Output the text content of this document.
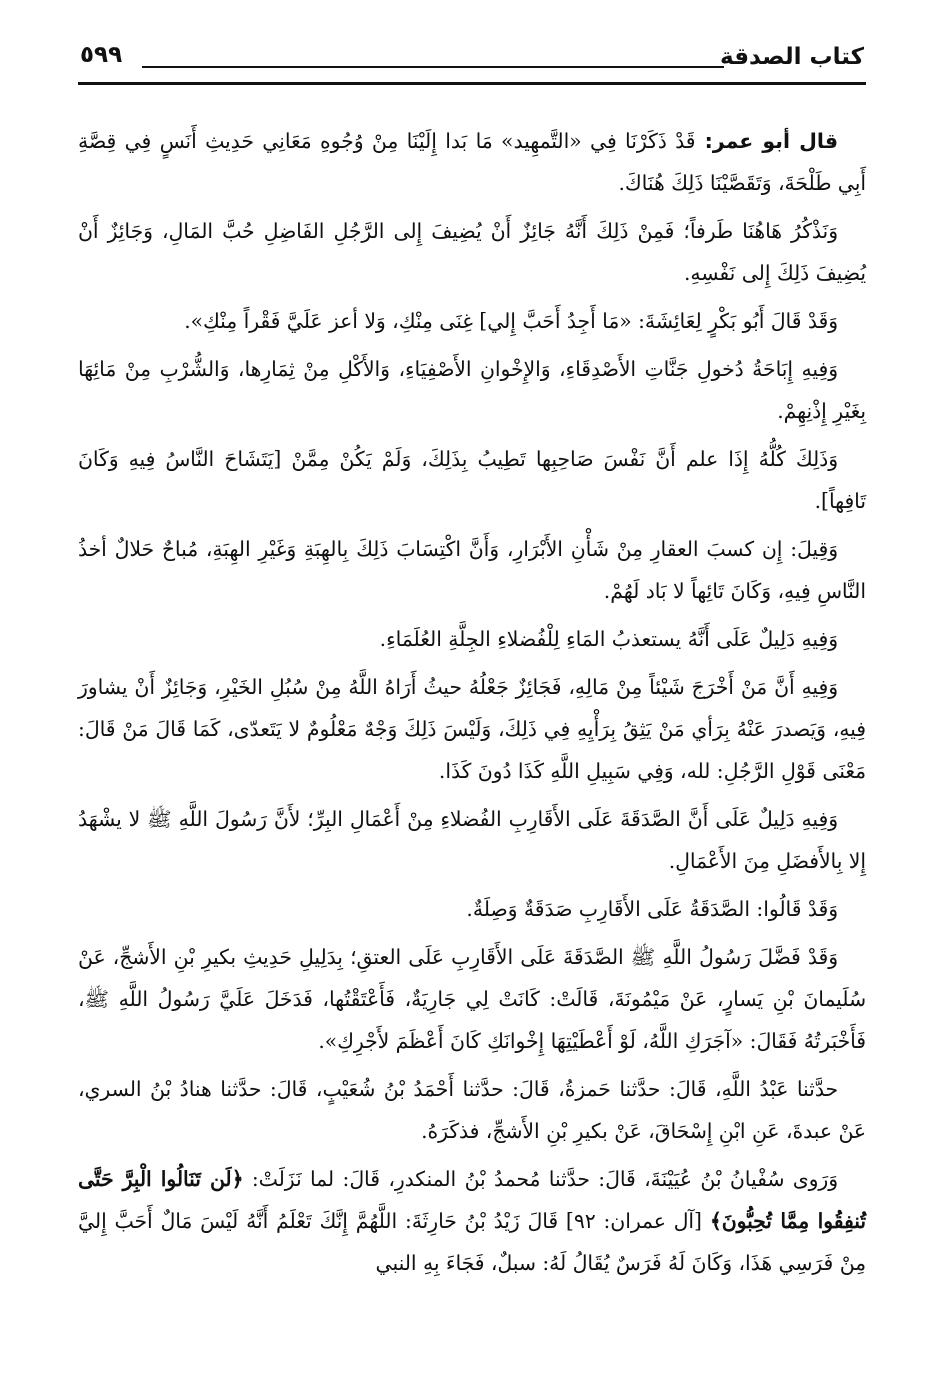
كتاب الصدقة
٥٩٩

قال أبو عمر: قَدْ ذَكَرْنَا فِي «التَّمهِيد» مَا بَدا إِلَيْنَا مِنْ وُجُوهِ مَعَانِي حَدِيثِ أَنَسٍ فِي قِصَّةِ أَبِي طَلْحَةَ، وَتَقَصَّيْنَا ذَلِكَ هُنَاكَ.

وَنَذْكُرُ هَاهُنَا طَرفاً؛ فَمِنْ ذَلِكَ أَنَّهُ جَائِزٌ أَنْ يُضِيفَ إِلى الرَّجُلِ الفَاضِلِ حُبَّ المَالِ، وَجَائِزٌ أَنْ يُضِيفَ ذَلِكَ إِلى نَفْسِهِ.

وَقَدْ قَالَ أَبُو بَكْرٍ لِعَائِشَةَ: «مَا أَجِدُ أَحَبَّ إِلي] غِنَى مِنْكِ، وَلا أعز عَلَيَّ فَقْراً مِنْكِ».

وَفِيهِ إِبَاحَةُ دُخولِ جَنَّاتِ الأَصْدِقَاءِ، وَالإِخْوانِ الأَصْفِيَاءِ، وَالأَكْلِ مِنْ ثِمَارِها، وَالشُّرْبِ مِنْ مَائِهَا بِغَيْرِ إِذْنِهِمْ.

وَذَلِكَ كُلُّهُ إِذَا علم أَنَّ نَفْسَ صَاحِبِها تَطِيبُ بِذَلِكَ، وَلَمْ يَكُنْ مِمَّنْ [يَتَشَاحَ النَّاسُ فِيهِ وَكَانَ تَافِهاً].

وَقِيلَ: إِن كسبَ العقارِ مِنْ شَأْنِ الأَبْرَارِ، وَأَنَّ اكْتِسَابَ ذَلِكَ بِالهِبَةِ وَغَيْرِ الهِبَةِ، مُباحٌ حَلالٌ أخذُ النَّاسِ فِيهِ، وَكَانَ تَائِهاً لا بَاد لَهُمْ.

وَفِيهِ دَلِيلٌ عَلَى أَنَّهُ يستعذبُ المَاءِ لِلْفُضلاءِ الجِلَّةِ العُلَمَاءِ.

وَفِيهِ أَنَّ مَنْ أَخْرَجَ شَيْئاً مِنْ مَالِهِ، فَجَائِزٌ جَعْلُهُ حيثُ أَرَاهُ اللَّهُ مِنْ سُبُلِ الخَيْرِ، وَجَائِزٌ أَنْ يشاورَ فِيهِ، وَيَصدرَ عَنْهُ بِرَأي مَنْ يَثِقُ بِرَأْيِهِ فِي ذَلِكَ، وَلَيْسَ ذَلِكَ وَجْهٌ مَعْلُومٌ لا يَتَعدّى، كَمَا قَالَ مَنْ قَالَ: مَعْنَى قَوْلِ الرَّجُلِ: لله، وَفِي سَبِيلِ اللَّهِ كَذَا دُونَ كَذَا.

وَفِيهِ دَلِيلٌ عَلَى أَنَّ الصَّدَقَةَ عَلَى الأَقَارِبِ الفُضلاءِ مِنْ أَعْمَالِ البِرِّ؛ لأَنَّ رَسُولَ اللَّهِ ﷺ لا يشْهَدُ إِلا بِالأَفضَلِ مِنَ الأَعْمَالِ.

وَقَدْ قَالُوا: الصَّدَقَةُ عَلَى الأَقَارِبِ صَدَقَةٌ وَصِلَةٌ.

وَقَدْ فَضَّلَ رَسُولُ اللَّهِ ﷺ الصَّدَقَةَ عَلَى الأَقَارِبِ عَلَى العتقِ؛ بِدَلِيلِ حَدِيثِ بكيرِ بْنِ الأَشجِّ، عَنْ سُلَيمانَ بْنِ يَسارٍ، عَنْ مَيْمُونَةَ، قَالَتْ: كَانَتْ لِي جَارِيَةٌ، فَأَعْتَقْتُها، فَدَخَلَ عَلَيَّ رَسُولُ اللَّهِ ﷺ، فَأَخْبَرتُهُ فَقَالَ: «آجَرَكِ اللَّهُ، لَوْ أَعْطَيْتِهَا إِخْوانَكِ كَانَ أَعْظَمَ لأَجْرِكِ».

حدَّثنا عَبْدُ اللَّهِ، قَالَ: حدَّثنا حَمزةُ، قَالَ: حدَّثنا أَحْمَدُ بْنُ شُعَيْبٍ، قَالَ: حدَّثنا هنادُ بْنُ السري، عَنْ عبدةَ، عَنِ ابْنِ إِسْحَاقَ، عَنْ بكيرِ بْنِ الأَشجِّ، فذكَرَهُ.

وَرَوى سُفْيانُ بْنُ عُيَيْنَةَ، قَالَ: حدَّثنا مُحمدُ بْنُ المنكدرِ، قَالَ: لما نَزَلَتْ: ﴿لَن تَنَالُوا الْبِرَّ حَتَّى تُنفِقُوا مِمَّا تُحِبُّونَ﴾ [آل عمران: ٩٢] قَالَ زَيْدُ بْنُ حَارِثَةَ: اللَّهُمَّ إِنَّكَ تَعْلَمُ أَنَّهُ لَيْسَ مَالٌ أَحَبَّ إِليَّ مِنْ فَرَسِي هَذَا، وَكَانَ لَهُ فَرَسٌ يُقَالُ لَهُ: سبلٌ، فَجَاءَ بِهِ النبي
